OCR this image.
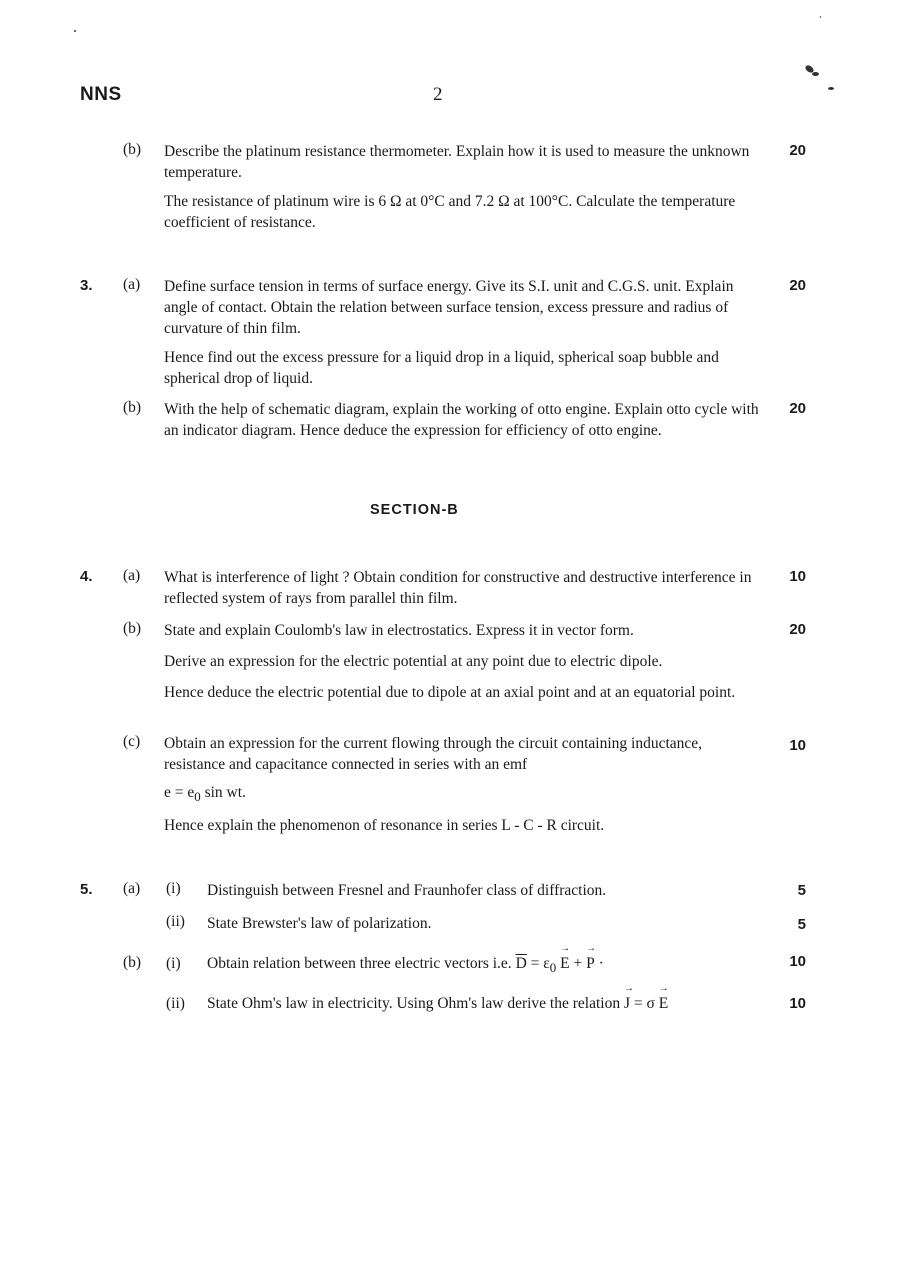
NNS	2
(b) Describe the platinum resistance thermometer. Explain how it is used to measure the unknown temperature.
20
The resistance of platinum wire is 6 Ω at 0°C and 7.2 Ω at 100°C. Calculate the temperature coefficient of resistance.
3. (a) Define surface tension in terms of surface energy. Give its S.I. unit and C.G.S. unit. Explain angle of contact. Obtain the relation between surface tension, excess pressure and radius of curvature of thin film.
20
Hence find out the excess pressure for a liquid drop in a liquid, spherical soap bubble and spherical drop of liquid.
(b) With the help of schematic diagram, explain the working of otto engine. Explain otto cycle with an indicator diagram. Hence deduce the expression for efficiency of otto engine.
20
SECTION-B
4. (a) What is interference of light ? Obtain condition for constructive and destructive interference in reflected system of rays from parallel thin film.
10
(b) State and explain Coulomb's law in electrostatics. Express it in vector form.	20
Derive an expression for the electric potential at any point due to electric dipole.
Hence deduce the electric potential due to dipole at an axial point and at an equatorial point.
(c) Obtain an expression for the current flowing through the circuit containing inductance, resistance and capacitance connected in series with an emf
10
$e = e_0$ sin wt.
Hence explain the phenomenon of resonance in series L - C - R circuit.
5. (a) (i) Distinguish between Fresnel and Fraunhofer class of diffraction.	5
(ii) State Brewster's law of polarization.	5
(b) (i) Obtain relation between three electric vectors i.e. $\overline{D} = \varepsilon_0 \to E$ + → P ·	10
(ii) State Ohm's law in electricity. Using Ohm's law derive the relation → J = σ → E	10
